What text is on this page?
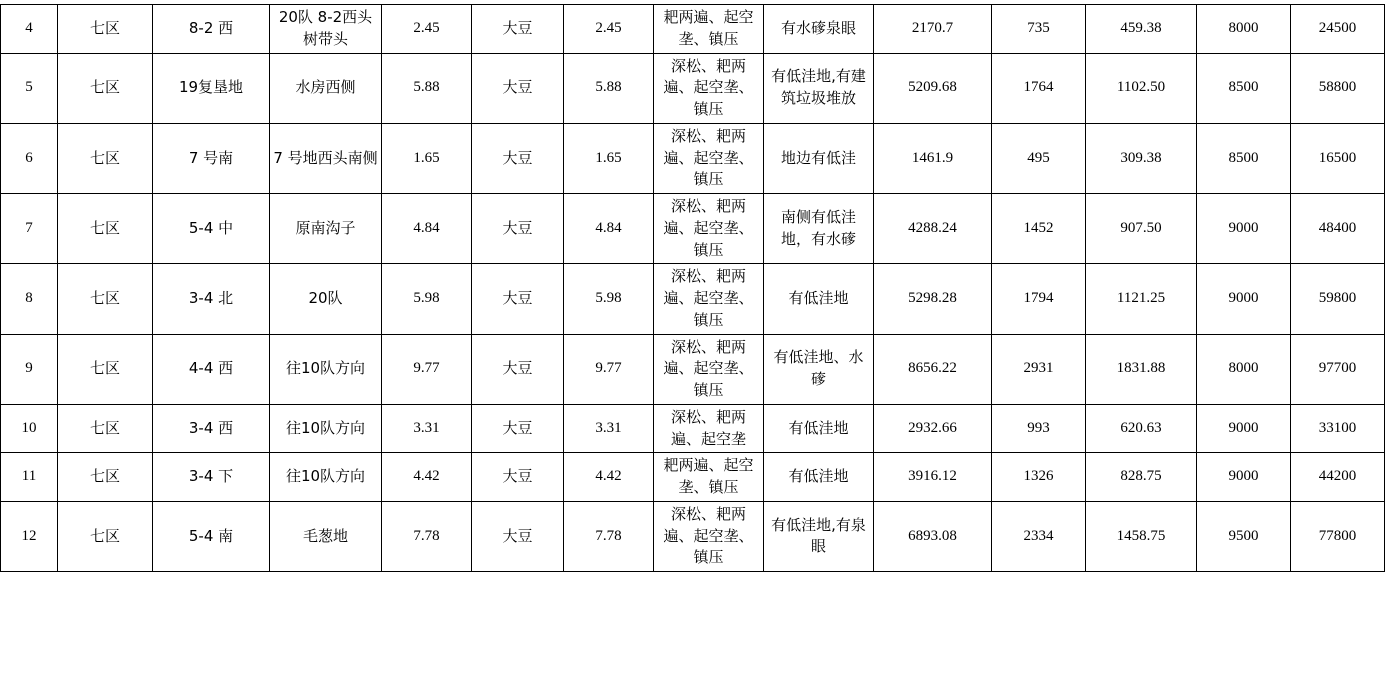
4	七区	8-2 西	20队 8-2西头树带头	2.45	大豆	2.45	耙两遍、起空垄、镇压	有水䃎泉眼	2170.7	735	459.38	8000	24500
5	七区	19复垦地	水房西侧	5.88	大豆	5.88	深松、耙两遍、起空垄、镇压	有低洼地,有建筑垃圾堆放	5209.68	1764	1102.50	8500	58800
6	七区	7 号南	7 号地西头南侧	1.65	大豆	1.65	深松、耙两遍、起空垄、镇压	地边有低洼	1461.9	495	309.38	8500	16500
7	七区	5-4 中	原南沟子	4.84	大豆	4.84	深松、耙两遍、起空垄、镇压	南侧有低洼地，有水䃎	4288.24	1452	907.50	9000	48400
8	七区	3-4 北	20队	5.98	大豆	5.98	深松、耙两遍、起空垄、镇压	有低洼地	5298.28	1794	1121.25	9000	59800
9	七区	4-4 西	往10队方向	9.77	大豆	9.77	深松、耙两遍、起空垄、镇压	有低洼地、水䃎	8656.22	2931	1831.88	8000	97700
10	七区	3-4 西	往10队方向	3.31	大豆	3.31	深松、耙两遍、起空垄	有低洼地	2932.66	993	620.63	9000	33100
11	七区	3-4 下	往10队方向	4.42	大豆	4.42	耙两遍、起空垄、镇压	有低洼地	3916.12	1326	828.75	9000	44200
12	七区	5-4 南	毛葱地	7.78	大豆	7.78	深松、耙两遍、起空垄、镇压	有低洼地,有泉眼	6893.08	2334	1458.75	9500	77800
